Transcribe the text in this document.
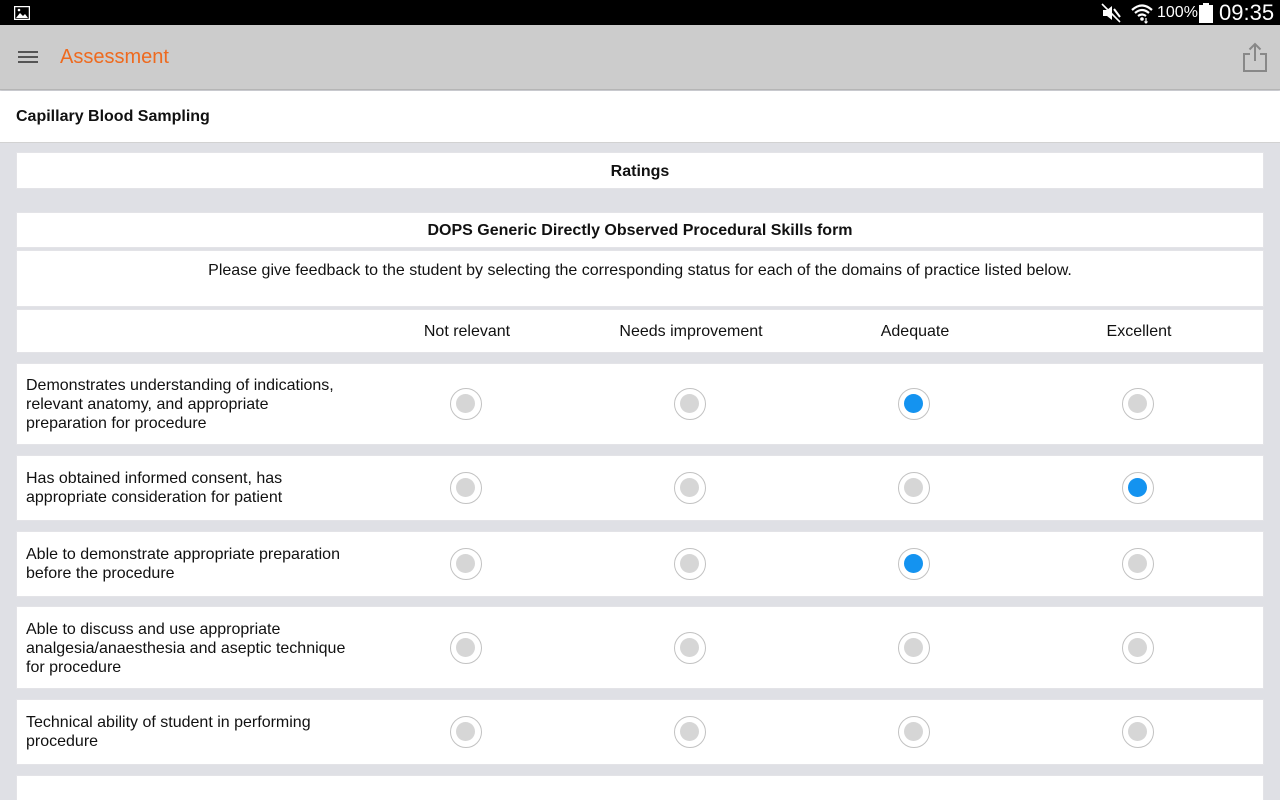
100% 09:35
Assessment
Capillary Blood Sampling
Ratings
DOPS Generic Directly Observed Procedural Skills form
Please give feedback to the student by selecting the corresponding status for each of the domains of practice listed below.
Not relevant	Needs improvement	Adequate	Excellent
Demonstrates understanding of indications, relevant anatomy, and appropriate preparation for procedure
Has obtained informed consent, has appropriate consideration for patient
Able to demonstrate appropriate preparation before the procedure
Able to discuss and use appropriate analgesia/anaesthesia and aseptic technique for procedure
Technical ability of student in performing procedure
